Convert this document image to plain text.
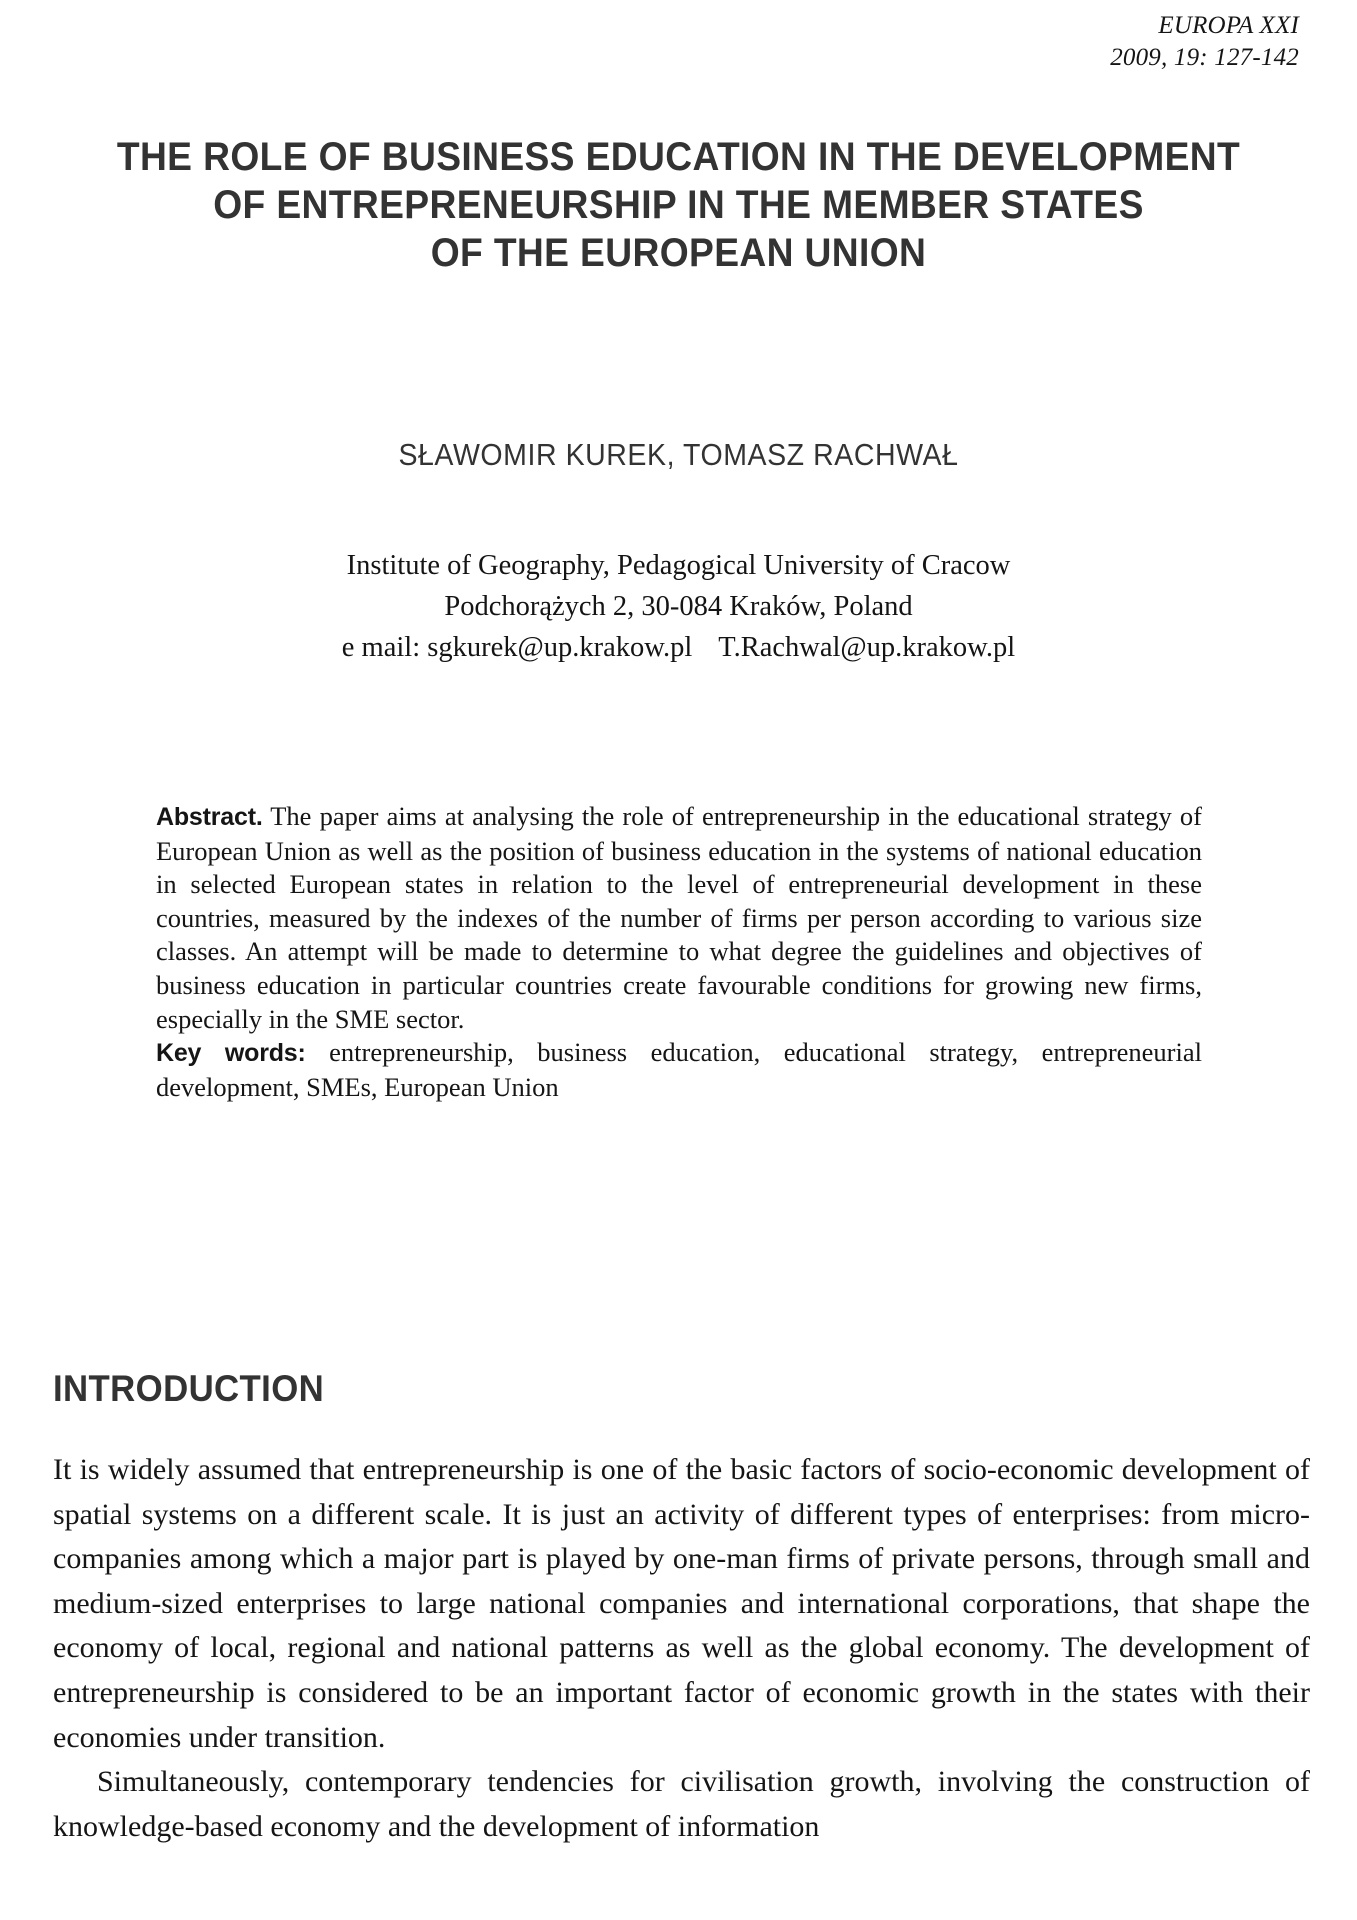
EUROPA XXI
2009, 19: 127-142
THE ROLE OF BUSINESS EDUCATION IN THE DEVELOPMENT
OF ENTREPRENEURSHIP IN THE MEMBER STATES
OF THE EUROPEAN UNION
SŁAWOMIR KUREK, TOMASZ RACHWAŁ
Institute of Geography, Pedagogical University of Cracow
Podchorążych 2, 30-084 Kraków, Poland
e mail: sgkurek@up.krakow.pl T.Rachwal@up.krakow.pl

Abstract. The paper aims at analysing the role of entrepreneurship in the educational strategy of European Union as well as the position of business education in the systems of national education in selected European states in relation to the level of entrepreneurial development in these countries, measured by the indexes of the number of firms per person according to various size classes. An attempt will be made to determine to what degree the guidelines and objectives of business education in particular countries create favourable conditions for growing new firms, especially in the SME sector.

Key words: entrepreneurship, business education, educational strategy, entrepreneurial development, SMEs, European Union

INTRODUCTION

It is widely assumed that entrepreneurship is one of the basic factors of socio-economic development of spatial systems on a different scale. It is just an activity of different types of enterprises: from micro-companies among which a major part is played by one-man firms of private persons, through small and medium-sized enterprises to large national companies and international corporations, that shape the economy of local, regional and national patterns as well as the global economy. The development of entrepreneurship is considered to be an important factor of economic growth in the states with their economies under transition.

Simultaneously, contemporary tendencies for civilisation growth, involving the construction of knowledge-based economy and the development of information
